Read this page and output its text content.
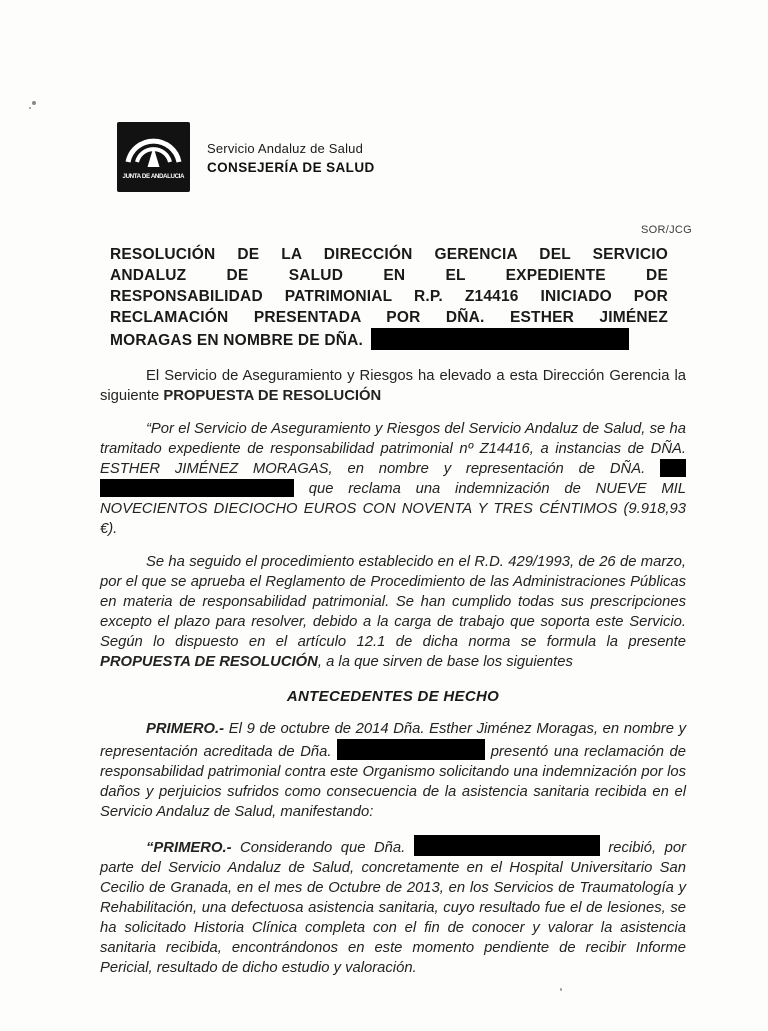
JUNTA DE ANDALUCIA
Servicio Andaluz de Salud
CONSEJERÍA DE SALUD
SOR/JCG
RESOLUCIÓN DE LA DIRECCIÓN GERENCIA DEL SERVICIO
ANDALUZ DE SALUD EN EL EXPEDIENTE DE
RESPONSABILIDAD PATRIMONIAL R.P. Z14416 INICIADO POR
RECLAMACIÓN PRESENTADA POR DÑA. ESTHER JIMÉNEZ
MORAGAS EN NOMBRE DE DÑA.

El Servicio de Aseguramiento y Riesgos ha elevado a esta Dirección Gerencia la siguiente PROPUESTA DE RESOLUCIÓN

“Por el Servicio de Aseguramiento y Riesgos del Servicio Andaluz de Salud, se ha tramitado expediente de responsabilidad patrimonial nº Z14416, a instancias de DÑA. ESTHER JIMÉNEZ MORAGAS, en nombre y representación de DÑA.   que reclama una indemnización de NUEVE MIL NOVECIENTOS DIECIOCHO EUROS CON NOVENTA Y TRES CÉNTIMOS (9.918,93 €).

Se ha seguido el procedimiento establecido en el R.D. 429/1993, de 26 de marzo, por el que se aprueba el Reglamento de Procedimiento de las Administraciones Públicas en materia de responsabilidad patrimonial. Se han cumplido todas sus prescripciones excepto el plazo para resolver, debido a la carga de trabajo que soporta este Servicio. Según lo dispuesto en el artículo 12.1 de dicha norma se formula la presente PROPUESTA DE RESOLUCIÓN, a la que sirven de base los siguientes

ANTECEDENTES DE HECHO

PRIMERO.- El 9 de octubre de 2014 Dña. Esther Jiménez Moragas, en nombre y representación acreditada de Dña.	presentó una reclamación de responsabilidad patrimonial contra este Organismo solicitando una indemnización por los daños y perjuicios sufridos como consecuencia de la asistencia sanitaria recibida en el Servicio Andaluz de Salud, manifestando:

“PRIMERO.- Considerando que Dña.	recibió, por parte del Servicio Andaluz de Salud, concretamente en el Hospital Universitario San Cecilio de Granada, en el mes de Octubre de 2013, en los Servicios de Traumatología y Rehabilitación, una defectuosa asistencia sanitaria, cuyo resultado fue el de lesiones, se ha solicitado Historia Clínica completa con el fin de conocer y valorar la asistencia sanitaria recibida, encontrándonos en este momento pendiente de recibir Informe Pericial, resultado de dicho estudio y valoración.
